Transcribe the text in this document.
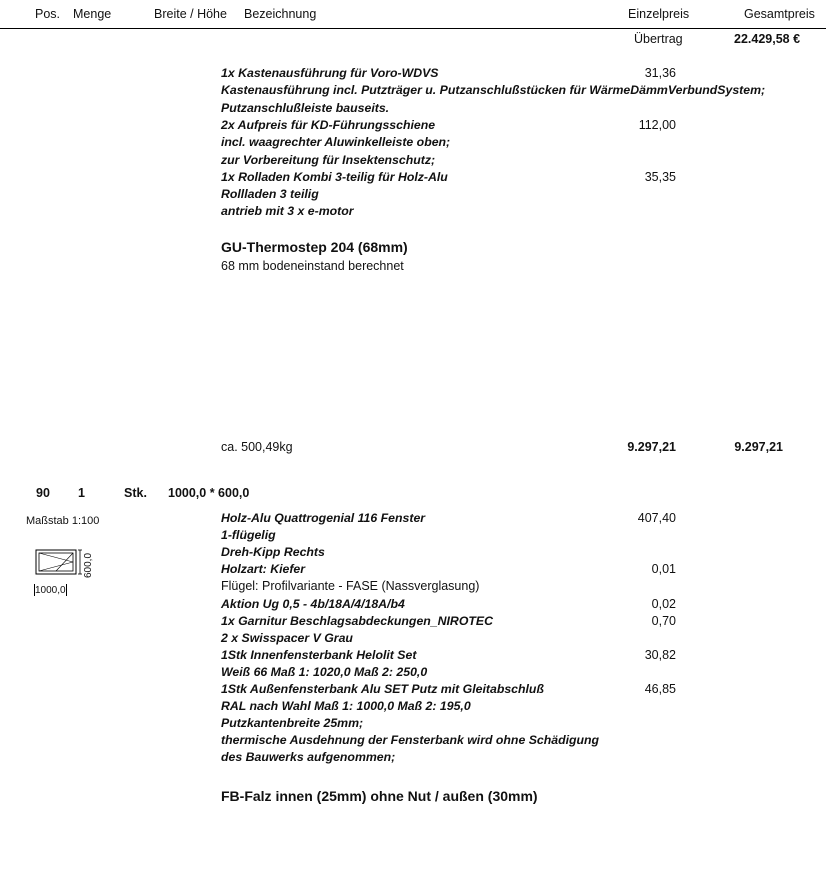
Pos. Menge	Breite / Höhe Bezeichnung	Einzelpreis	Gesamtpreis
Übertrag	22.429,58 €
1x Kastenausführung für Voro-WDVS	31,36
Kastenausführung incl. Putzträger u. Putzanschlußstücken für WärmeDämmVerbundSystem;
Putzanschlußleiste bauseits.
2x Aufpreis für KD-Führungsschiene	112,00
incl. waagrechter Aluwinkelleiste oben;
zur Vorbereitung für Insektenschutz;
1x Rolladen Kombi 3-teilig für Holz-Alu	35,35
Rollladen 3 teilig
antrieb mit 3 x e-motor
GU-Thermostep 204 (68mm)
68 mm bodeneinstand berechnet
ca. 500,49kg	9.297,21	9.297,21
90 1	Stk. 1000,0 * 600,0
Maßstab 1:100
600,0
1000,0
Holz-Alu Quattrogenial 116 Fenster	407,40
1-flügelig
Dreh-Kipp Rechts
Holzart: Kiefer	0,01
Flügel: Profilvariante - FASE (Nassverglasung)
Aktion Ug 0,5 - 4b/18A/4/18A/b4	0,02
1x Garnitur Beschlagsabdeckungen_NIROTEC	0,70
2 x Swisspacer V Grau
1Stk Innenfensterbank Helolit Set	30,82
Weiß 66 Maß 1: 1020,0 Maß 2: 250,0
1Stk Außenfensterbank Alu SET Putz mit Gleitabschluß	46,85
RAL nach Wahl Maß 1: 1000,0 Maß 2: 195,0
Putzkantenbreite 25mm;
thermische Ausdehnung der Fensterbank wird ohne Schädigung
des Bauwerks aufgenommen;
FB-Falz innen (25mm) ohne Nut / außen (30mm)
